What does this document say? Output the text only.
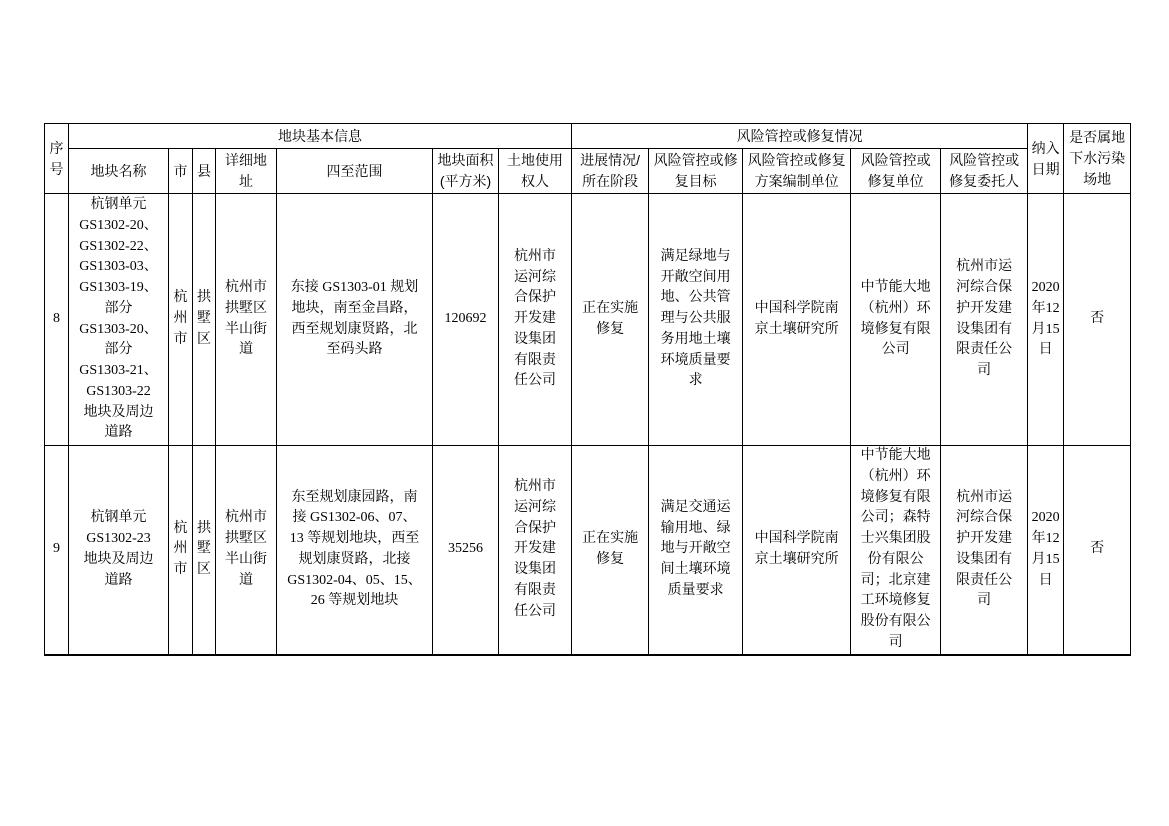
序号	地块基本信息							风险管控或修复情况					纳入日期	是否属地下水污染场地
	地块名称	市	县	详细地址	四至范围	地块面积(平方米)	土地使用权人	进展情况/所在阶段	风险管控或修复目标	风险管控或修复方案编制单位	风险管控或修复单位	风险管控或修复委托人		
8	杭钢单元 GS1302-20、GS1302-22、GS1303-03、GS1303-19、部分 GS1303-20、部分 GS1303-21、GS1303-22 地块及周边道路	杭州市	拱墅区	杭州市拱墅区半山街道	东接 GS1303-01 规划地块，南至金昌路，西至规划康贤路，北至码头路	120692	杭州市运河综合保护开发建设集团有限责任公司	正在实施修复	满足绿地与开敞空间用地、公共管理与公共服务用地土壤环境质量要求	中国科学院南京土壤研究所	中节能大地（杭州）环境修复有限公司	杭州市运河综合保护开发建设集团有限责任公司	2020年12月15日	否
9	杭钢单元 GS1302-23 地块及周边道路	杭州市	拱墅区	杭州市拱墅区半山街道	东至规划康园路，南接 GS1302-06、07、13 等规划地块，西至规划康贤路，北接 GS1302-04、05、15、26 等规划地块	35256	杭州市运河综合保护开发建设集团有限责任公司	正在实施修复	满足交通运输用地、绿地与开敞空间土壤环境质量要求	中国科学院南京土壤研究所	中节能大地（杭州）环境修复有限公司；森特士兴集团股份有限公司；北京建工环境修复股份有限公司	杭州市运河综合保护开发建设集团有限责任公司	2020年12月15日	否
